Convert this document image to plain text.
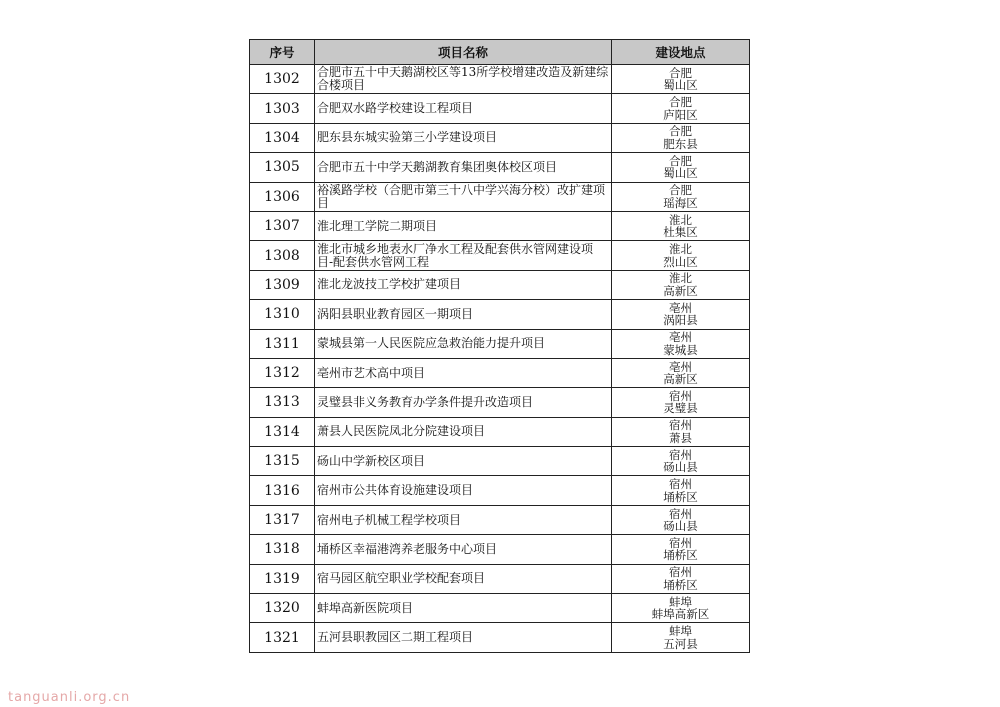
序号	项目名称	建设地点
1302	合肥市五十中天鹅湖校区等13所学校增建改造及新建综合楼项目	合肥
蜀山区

1303	合肥双水路学校建设工程项目	合肥
庐阳区

1304	肥东县东城实验第三小学建设项目	合肥
肥东县

1305	合肥市五十中学天鹅湖教育集团奥体校区项目	合肥
蜀山区

1306	裕溪路学校（合肥市第三十八中学兴海分校）改扩建项目	合肥
瑶海区

1307	淮北理工学院二期项目	淮北
杜集区

1308	淮北市城乡地表水厂净水工程及配套供水管网建设项目-配套供水管网工程	淮北
烈山区

1309	淮北龙波技工学校扩建项目	淮北
高新区

1310	涡阳县职业教育园区一期项目	亳州
涡阳县

1311	蒙城县第一人民医院应急救治能力提升项目	亳州
蒙城县

1312	亳州市艺术高中项目	亳州
高新区

1313	灵璧县非义务教育办学条件提升改造项目	宿州
灵璧县

1314	萧县人民医院凤北分院建设项目	宿州
萧县

1315	砀山中学新校区项目	宿州
砀山县

1316	宿州市公共体育设施建设项目	宿州
埇桥区

1317	宿州电子机械工程学校项目	宿州
砀山县

1318	埇桥区幸福港湾养老服务中心项目	宿州
埇桥区

1319	宿马园区航空职业学校配套项目	宿州
埇桥区

1320	蚌埠高新医院项目	蚌埠
蚌埠高新区

1321	五河县职教园区二期工程项目	蚌埠
五河县
tanguanli.org.cn
